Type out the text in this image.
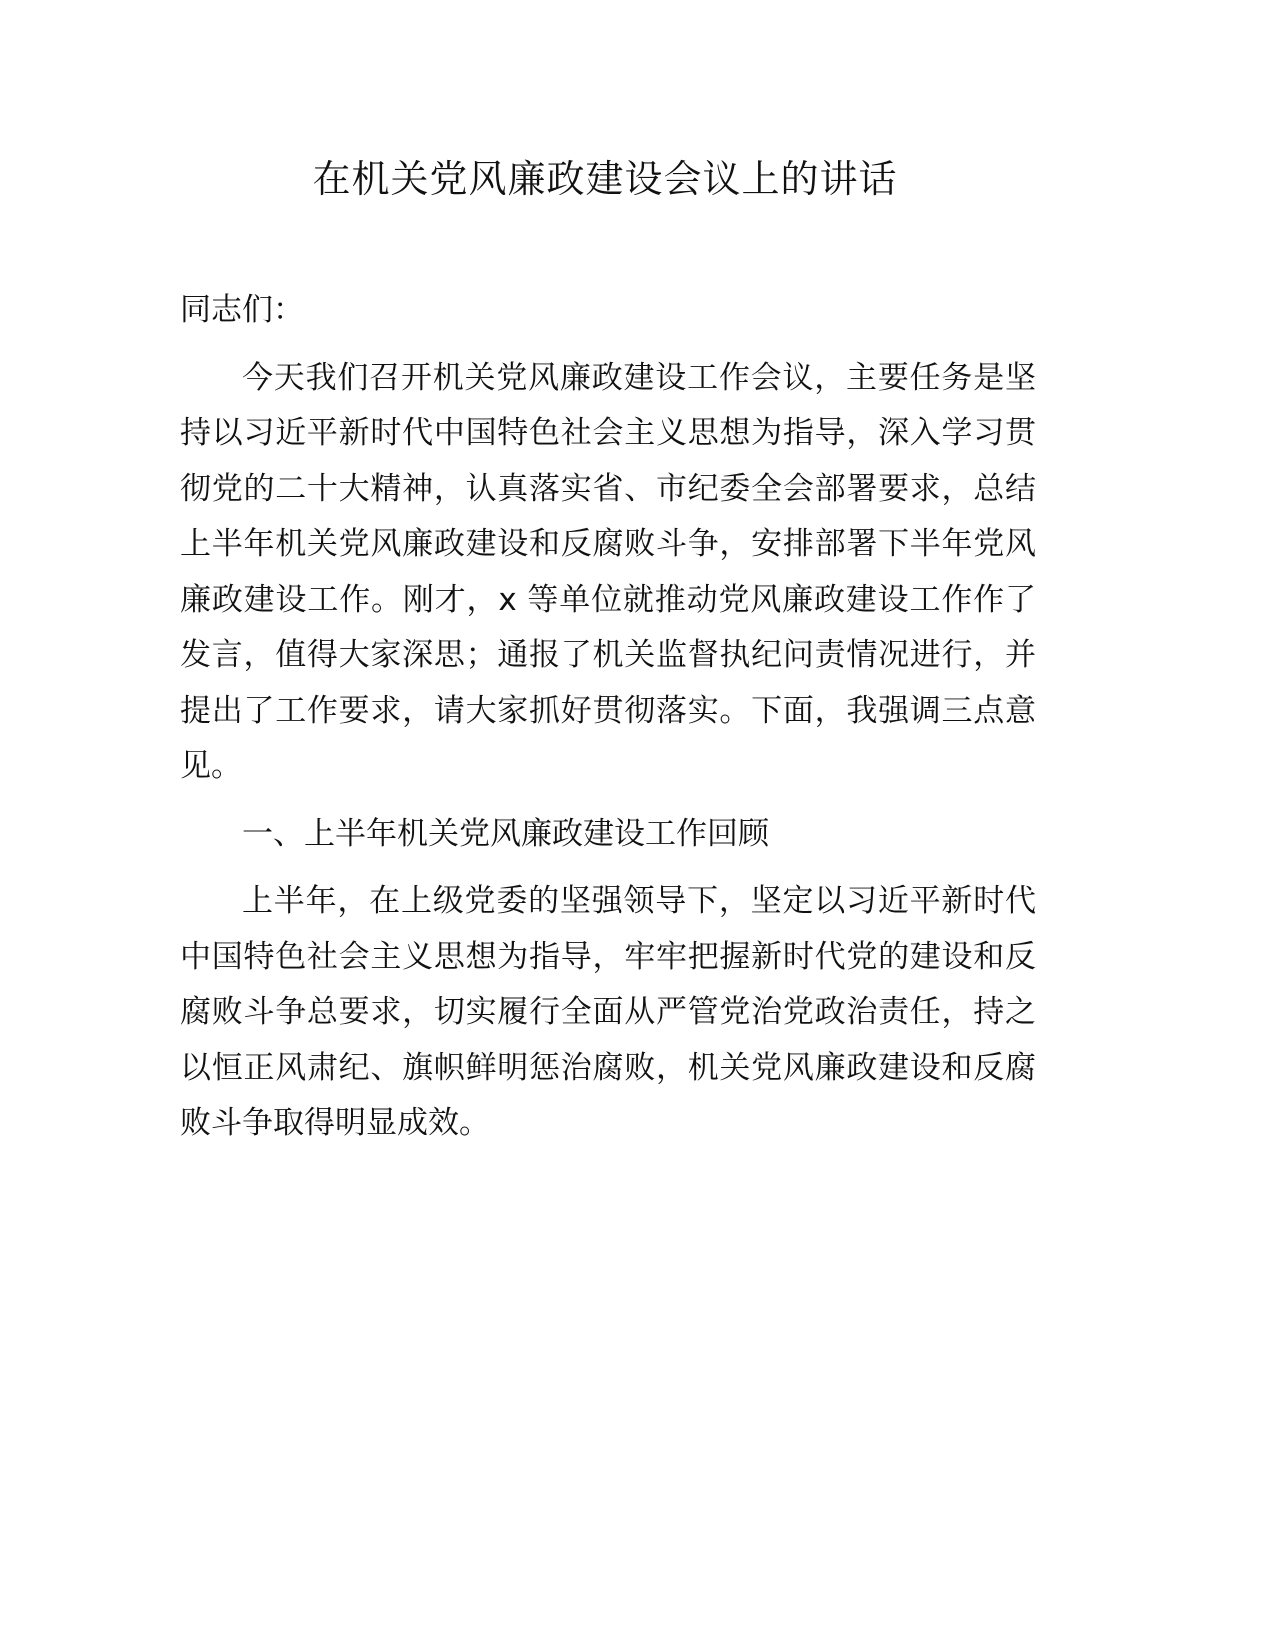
在机关党风廉政建设会议上的讲话
同志们：
今天我们召开机关党风廉政建设工作会议，主要任务是坚
持以习近平新时代中国特色社会主义思想为指导，深入学习贯
彻党的二十大精神，认真落实省、市纪委全会部署要求，总结
上半年机关党风廉政建设和反腐败斗争，安排部署下半年党风
廉政建设工作。刚才，x 等单位就推动党风廉政建设工作作了
发言，值得大家深思；通报了机关监督执纪问责情况进行，并
提出了工作要求，请大家抓好贯彻落实。下面，我强调三点意
见。
一、上半年机关党风廉政建设工作回顾
上半年，在上级党委的坚强领导下，坚定以习近平新时代
中国特色社会主义思想为指导，牢牢把握新时代党的建设和反
腐败斗争总要求，切实履行全面从严管党治党政治责任，持之
以恒正风肃纪、旗帜鲜明惩治腐败，机关党风廉政建设和反腐
败斗争取得明显成效。
